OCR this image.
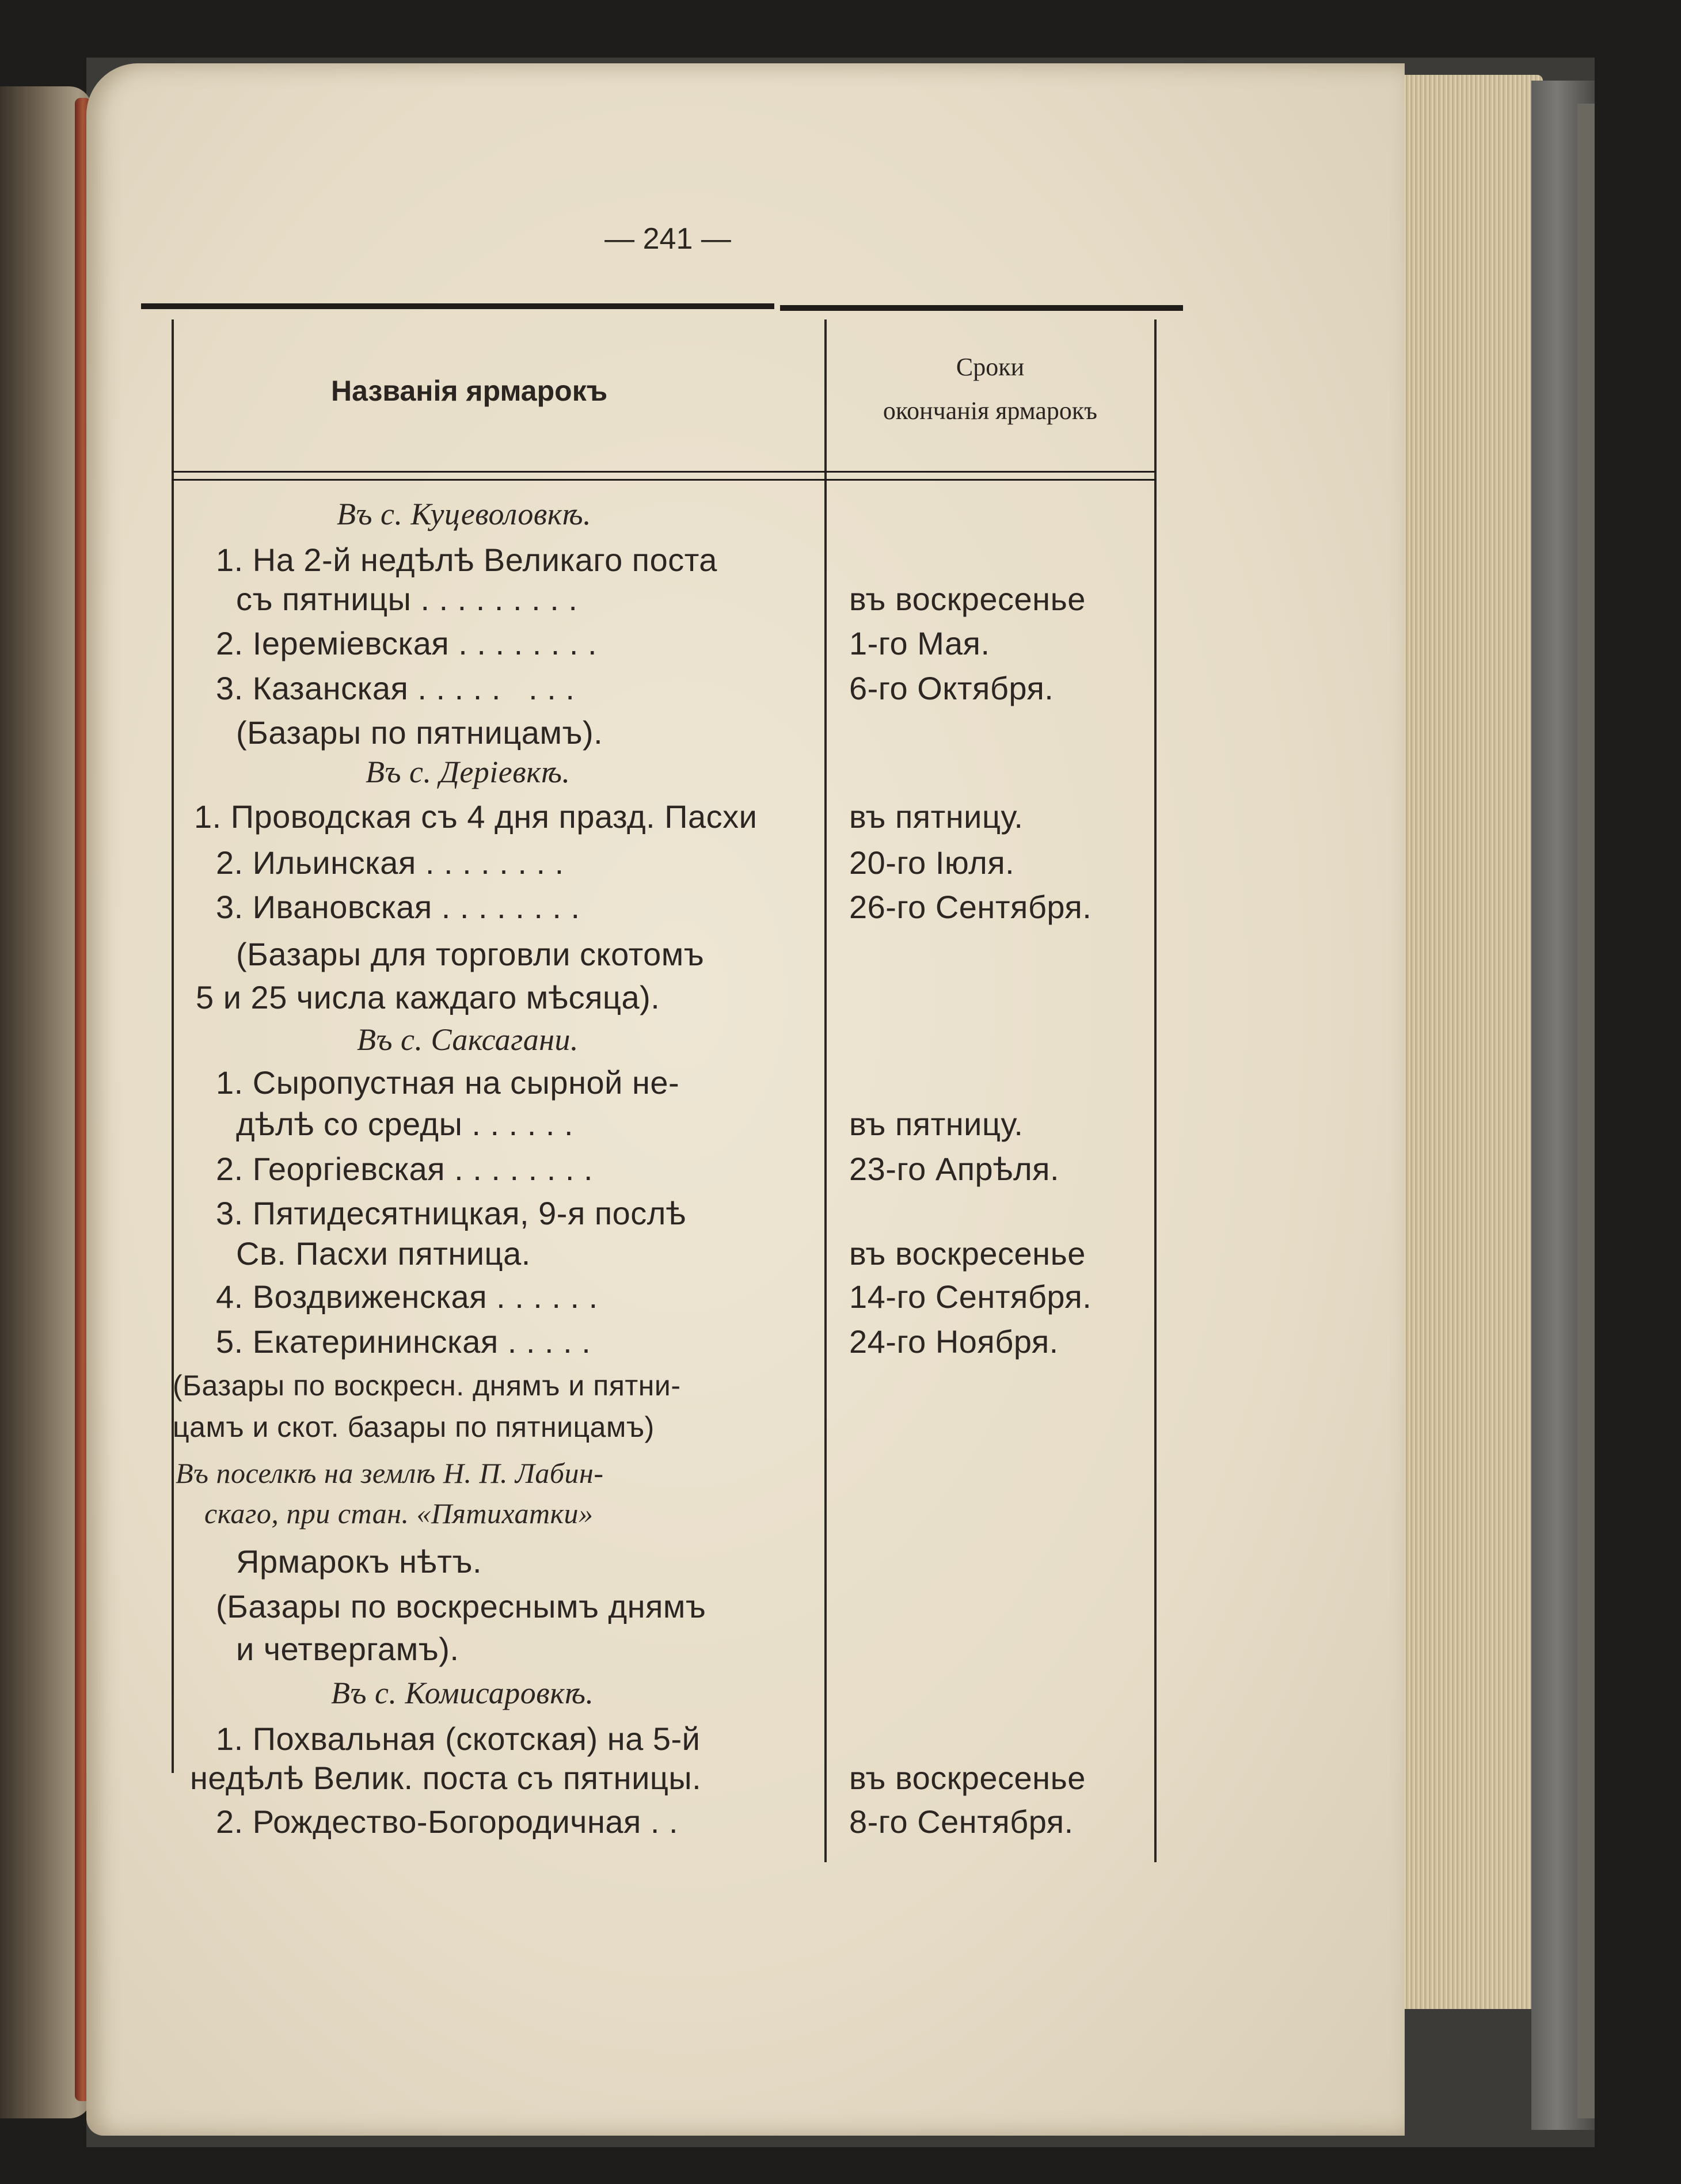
— 241 —
Названія ярмарокъ
Сроки
окончанія ярмарокъ
Въ с. Куцеволовкѣ.
1. На 2-й недѣлѣ Великаго поста
съ пятницы . . . . . . . . .	въ воскресенье
2. Іеремiевская . . . . . . . .	1-го Мая.
3. Казанская . . . . .   . . .	6-го Октября.
(Базары по пятницамъ).
Въ с. Дерiевкѣ.
1. Проводская съ 4 дня празд. Пасхи	въ пятницу.
2. Ильинская . . . . . . . .	20-го Іюля.
3. Ивановская . . . . . . . .	26-го Сентября.
(Базары для торговли скотомъ
5 и 25 числа каждаго мѣсяца).
Въ с. Саксагани.
1. Сыропустная на сырной не-
дѣлѣ со среды . . . . . .	въ пятницу.
2. Георгiевская . . . . . . . .	23-го Апрѣля.
3. Пятидесятницкая, 9-я послѣ
Св. Пасхи пятница.	въ воскресенье
4. Воздвиженская . . . . . .	14-го Сентября.
5. Екатерининская . . . . .	24-го Ноября.
(Базары по воскресн. днямъ и пятни-
цамъ и скот. базары по пятницамъ)
Въ поселкѣ на землѣ Н. П. Лабин-
скаго, при стан. «Пятихатки»
Ярмарокъ нѣтъ.
(Базары по воскреснымъ днямъ
и четвергамъ).
Въ с. Комисаровкѣ.
1. Похвальная (скотская) на 5-й
недѣлѣ Велик. поста съ пятницы.	въ воскресенье
2. Рождество-Богородичная . .	8-го Сентября.
